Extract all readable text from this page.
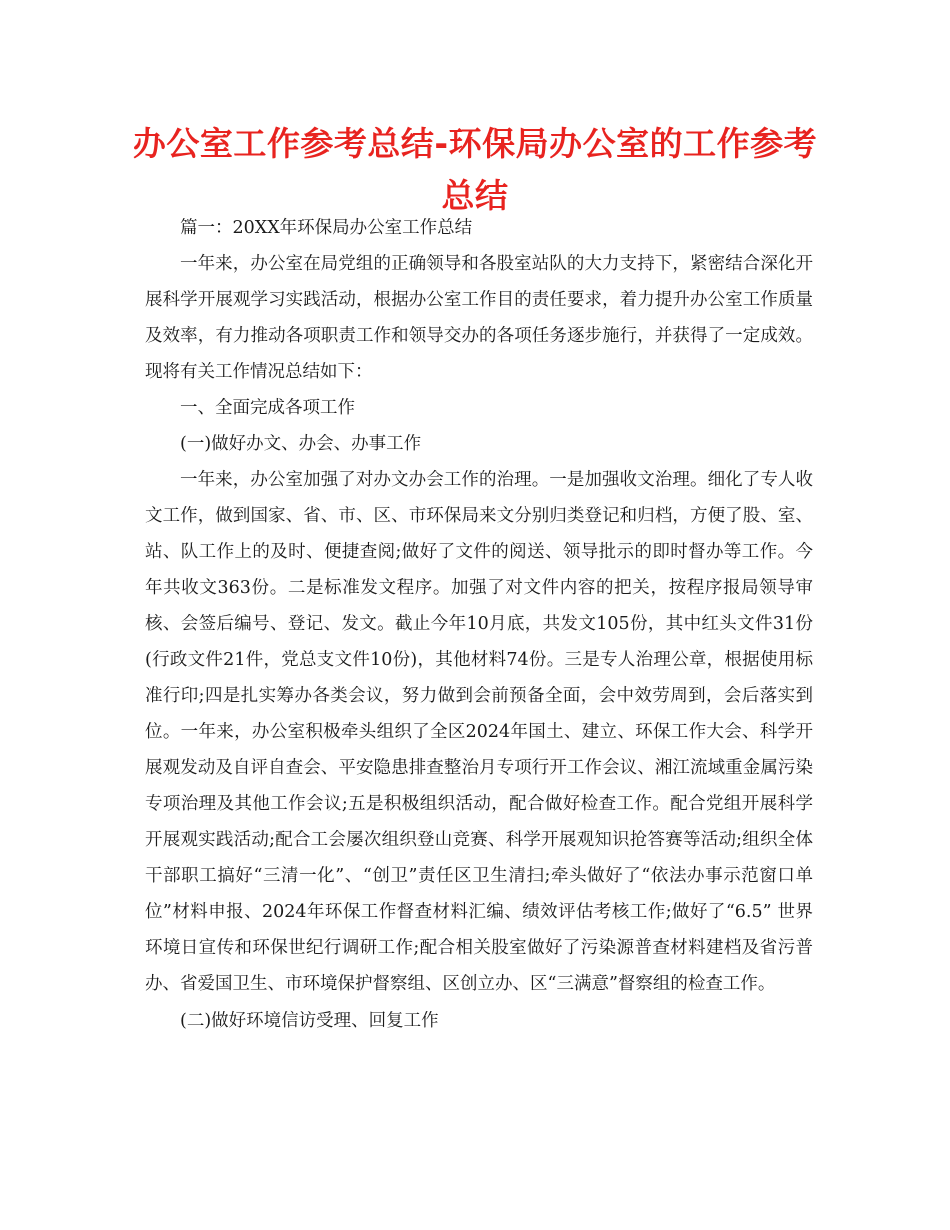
办公室工作参考总结-环保局办公室的工作参考总结

篇一：20XX年环保局办公室工作总结

一年来，办公室在局党组的正确领导和各股室站队的大力支持下，紧密结合深化开展科学开展观学习实践活动，根据办公室工作目的责任要求，着力提升办公室工作质量及效率，有力推动各项职责工作和领导交办的各项任务逐步施行，并获得了一定成效。现将有关工作情况总结如下：

一、全面完成各项工作

(一)做好办文、办会、办事工作

一年来，办公室加强了对办文办会工作的治理。一是加强收文治理。细化了专人收文工作，做到国家、省、市、区、市环保局来文分别归类登记和归档，方便了股、室、站、队工作上的及时、便捷查阅;做好了文件的阅送、领导批示的即时督办等工作。今年共收文363份。二是标准发文程序。加强了对文件内容的把关，按程序报局领导审核、会签后编号、登记、发文。截止今年10月底，共发文105份，其中红头文件31份(行政文件21件，党总支文件10份)，其他材料74份。三是专人治理公章，根据使用标准行印;四是扎实筹办各类会议，努力做到会前预备全面，会中效劳周到，会后落实到位。一年来，办公室积极牵头组织了全区2024年国土、建立、环保工作大会、科学开展观发动及自评自查会、平安隐患排查整治月专项行开工作会议、湘江流域重金属污染专项治理及其他工作会议;五是积极组织活动，配合做好检查工作。配合党组开展科学开展观实践活动;配合工会屡次组织登山竞赛、科学开展观知识抢答赛等活动;组织全体干部职工搞好“三清一化”、“创卫”责任区卫生清扫;牵头做好了“依法办事示范窗口单位”材料申报、2024年环保工作督查材料汇编、绩效评估考核工作;做好了“6.5” 世界环境日宣传和环保世纪行调研工作;配合相关股室做好了污染源普查材料建档及省污普办、省爱国卫生、市环境保护督察组、区创立办、区“三满意”督察组的检查工作。

(二)做好环境信访受理、回复工作
